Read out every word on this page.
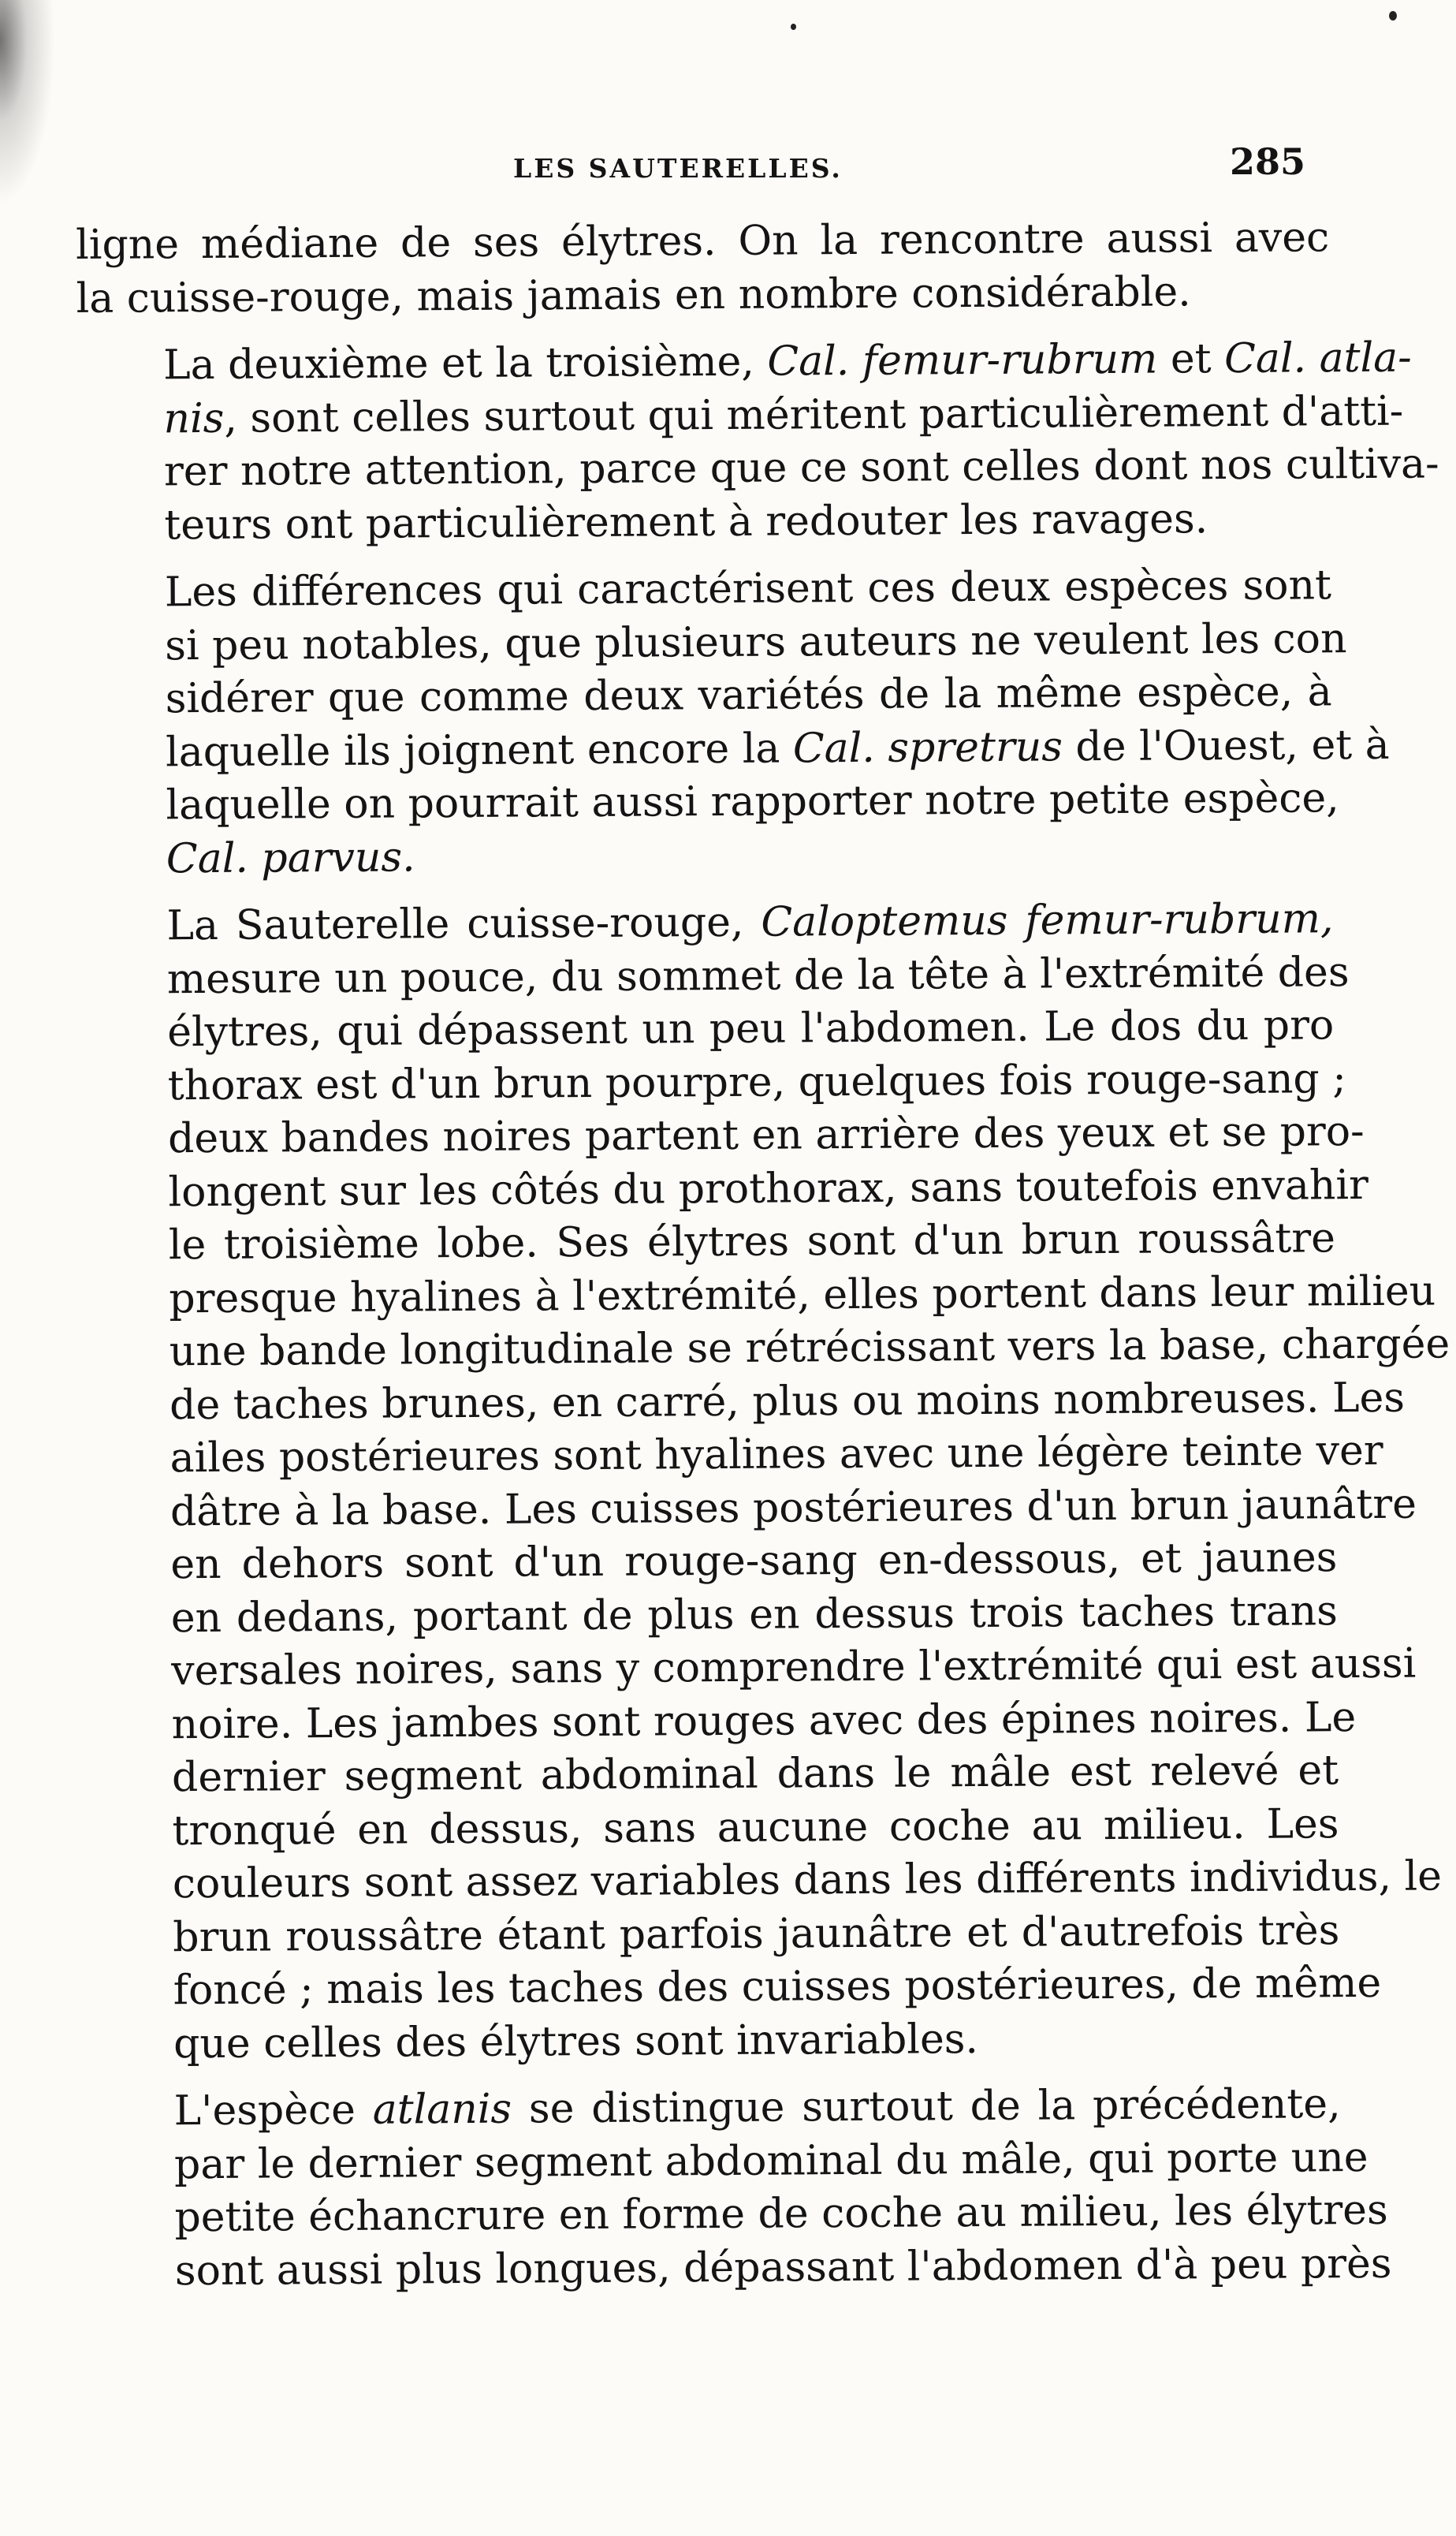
LES SAUTERELLES.	285
ligne médiane de ses élytres. On la rencontre aussi avec
la cuisse-rouge, mais jamais en nombre considérable.
La deuxième et la troisième, Cal. femur-rubrum et Cal. atla-
nis, sont celles surtout qui méritent particulièrement d'atti-
rer notre attention, parce que ce sont celles dont nos cultiva-
teurs ont particulièrement à redouter les ravages.
Les différences qui caractérisent ces deux espèces sont
si peu notables, que plusieurs auteurs ne veulent les con
sidérer que comme deux variétés de la même espèce, à
laquelle ils joignent encore la Cal. spretrus de l'Ouest, et à
laquelle on pourrait aussi rapporter notre petite espèce,
Cal. parvus.
La Sauterelle cuisse-rouge, Caloptemus femur-rubrum,
mesure un pouce, du sommet de la tête à l'extrémité des
élytres, qui dépassent un peu l'abdomen. Le dos du pro
thorax est d'un brun pourpre, quelques fois rouge-sang ;
deux bandes noires partent en arrière des yeux et se pro-
longent sur les côtés du prothorax, sans toutefois envahir
le troisième lobe. Ses élytres sont d'un brun roussâtre
presque hyalines à l'extrémité, elles portent dans leur milieu
une bande longitudinale se rétrécissant vers la base, chargée
de taches brunes, en carré, plus ou moins nombreuses. Les
ailes postérieures sont hyalines avec une légère teinte ver
dâtre à la base. Les cuisses postérieures d'un brun jaunâtre
en dehors sont d'un rouge-sang en-dessous, et jaunes
en dedans, portant de plus en dessus trois taches trans
versales noires, sans y comprendre l'extrémité qui est aussi
noire. Les jambes sont rouges avec des épines noires. Le
dernier segment abdominal dans le mâle est relevé et
tronqué en dessus, sans aucune coche au milieu. Les
couleurs sont assez variables dans les différents individus, le
brun roussâtre étant parfois jaunâtre et d'autrefois très
foncé ; mais les taches des cuisses postérieures, de même
que celles des élytres sont invariables.
L'espèce atlanis se distingue surtout de la précédente,
par le dernier segment abdominal du mâle, qui porte une
petite échancrure en forme de coche au milieu, les élytres
sont aussi plus longues, dépassant l'abdomen d'à peu près
